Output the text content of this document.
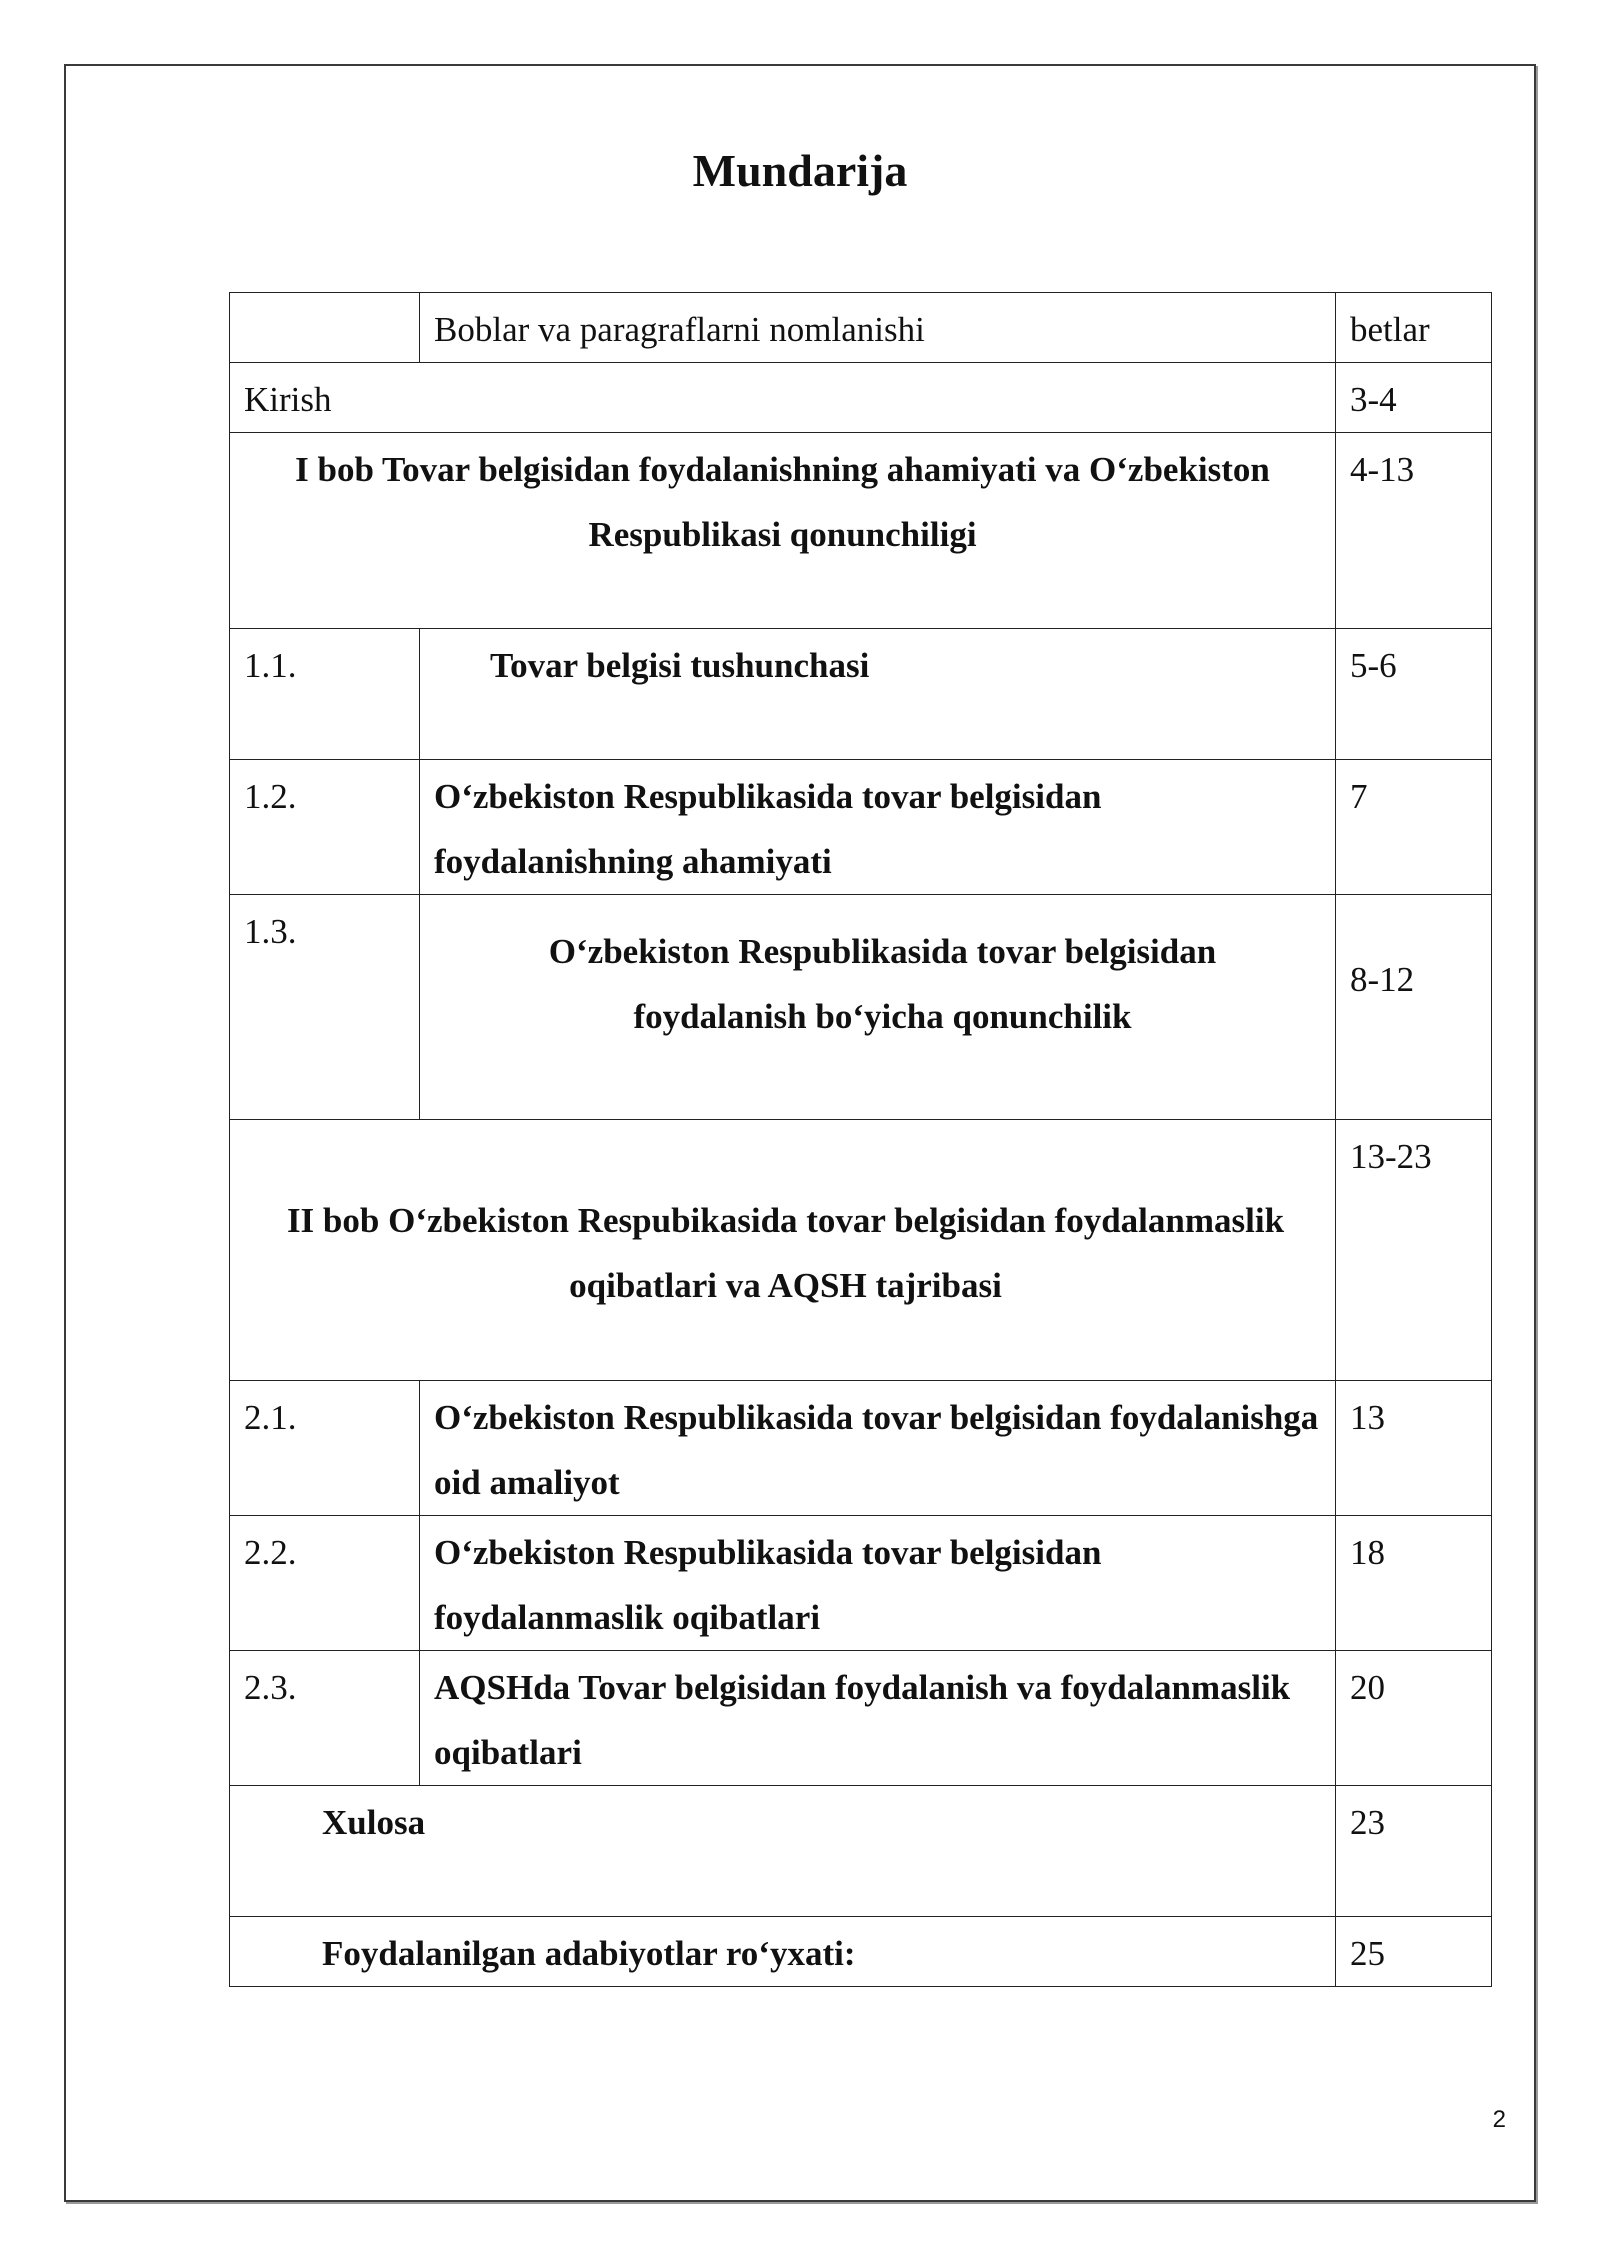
Mundarija
	Boblar va paragraflarni nomlanishi	betlar
Kirish		3-4
I bob Tovar belgisidan foydalanishning ahamiyati va O‘zbekiston Respublikasi qonunchiligi		4-13
1.1.	Tovar belgisi tushunchasi	5-6
1.2.	O‘zbekiston Respublikasida tovar belgisidan foydalanishning ahamiyati	7
1.3.	O‘zbekiston Respublikasida tovar belgisidan foydalanish bo‘yicha qonunchilik	8-12
II bob O‘zbekiston Respubikasida tovar belgisidan foydalanmaslik oqibatlari va AQSH tajribasi		13-23
2.1.	O‘zbekiston Respublikasida tovar belgisidan foydalanishga oid amaliyot	13
2.2.	O‘zbekiston Respublikasida tovar belgisidan foydalanmaslik oqibatlari	18
2.3.	AQSHda Tovar belgisidan foydalanish va foydalanmaslik oqibatlari	20
Xulosa		23
Foydalanilgan adabiyotlar ro‘yxati:		25
2
